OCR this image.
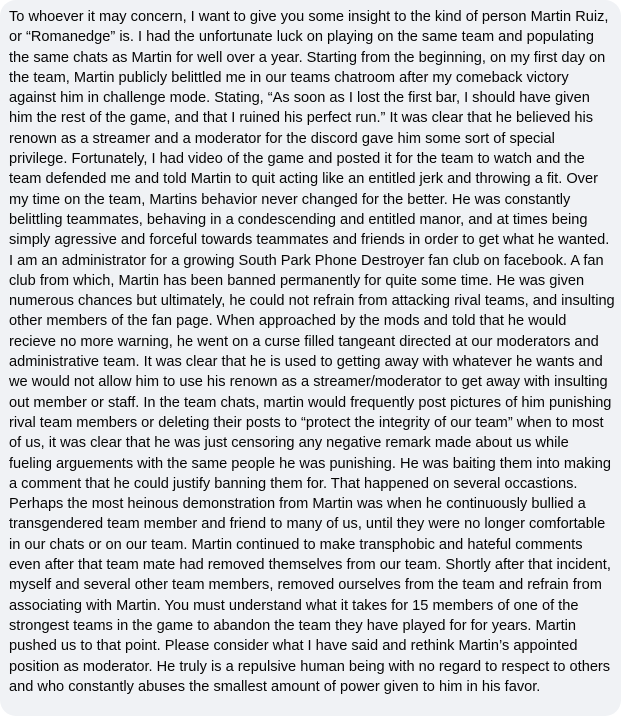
To whoever it may concern, I want to give you some insight to the kind of person Martin Ruiz, or “Romanedge” is. I had the unfortunate luck on playing on the same team and populating the same chats as Martin for well over a year. Starting from the beginning, on my first day on the team, Martin publicly belittled me in our teams chatroom after my comeback victory against him in challenge mode. Stating, “As soon as I lost the first bar, I should have given him the rest of the game, and that I ruined his perfect run.” It was clear that he believed his renown as a streamer and a moderator for the discord gave him some sort of special privilege. Fortunately, I had video of the game and posted it for the team to watch and the team defended me and told Martin to quit acting like an entitled jerk and throwing a fit. Over my time on the team, Martins behavior never changed for the better. He was constantly belittling teammates, behaving in a condescending and entitled manor, and at times being simply agressive and forceful towards teammates and friends in order to get what he wanted. I am an administrator for a growing South Park Phone Destroyer fan club on facebook. A fan club from which, Martin has been banned permanently for quite some time. He was given numerous chances but ultimately, he could not refrain from attacking rival teams, and insulting other members of the fan page. When approached by the mods and told that he would recieve no more warning, he went on a curse filled tangeant directed at our moderators and administrative team. It was clear that he is used to getting away with whatever he wants and we would not allow him to use his renown as a streamer/moderator to get away with insulting out member or staff. In the team chats, martin would frequently post pictures of him punishing rival team members or deleting their posts to “protect the integrity of our team” when to most of us, it was clear that he was just censoring any negative remark made about us while fueling arguements with the same people he was punishing. He was baiting them into making a comment that he could justify banning them for. That happened on several occastions. Perhaps the most heinous demonstration from Martin was when he continuously bullied a transgendered team member and friend to many of us, until they were no longer comfortable in our chats or on our team. Martin continued to make transphobic and hateful comments even after that team mate had removed themselves from our team. Shortly after that incident, myself and several other team members, removed ourselves from the team and refrain from associating with Martin. You must understand what it takes for 15 members of one of the strongest teams in the game to abandon the team they have played for for years. Martin pushed us to that point. Please consider what I have said and rethink Martin’s appointed position as moderator. He truly is a repulsive human being with no regard to respect to others and who constantly abuses the smallest amount of power given to him in his favor.
